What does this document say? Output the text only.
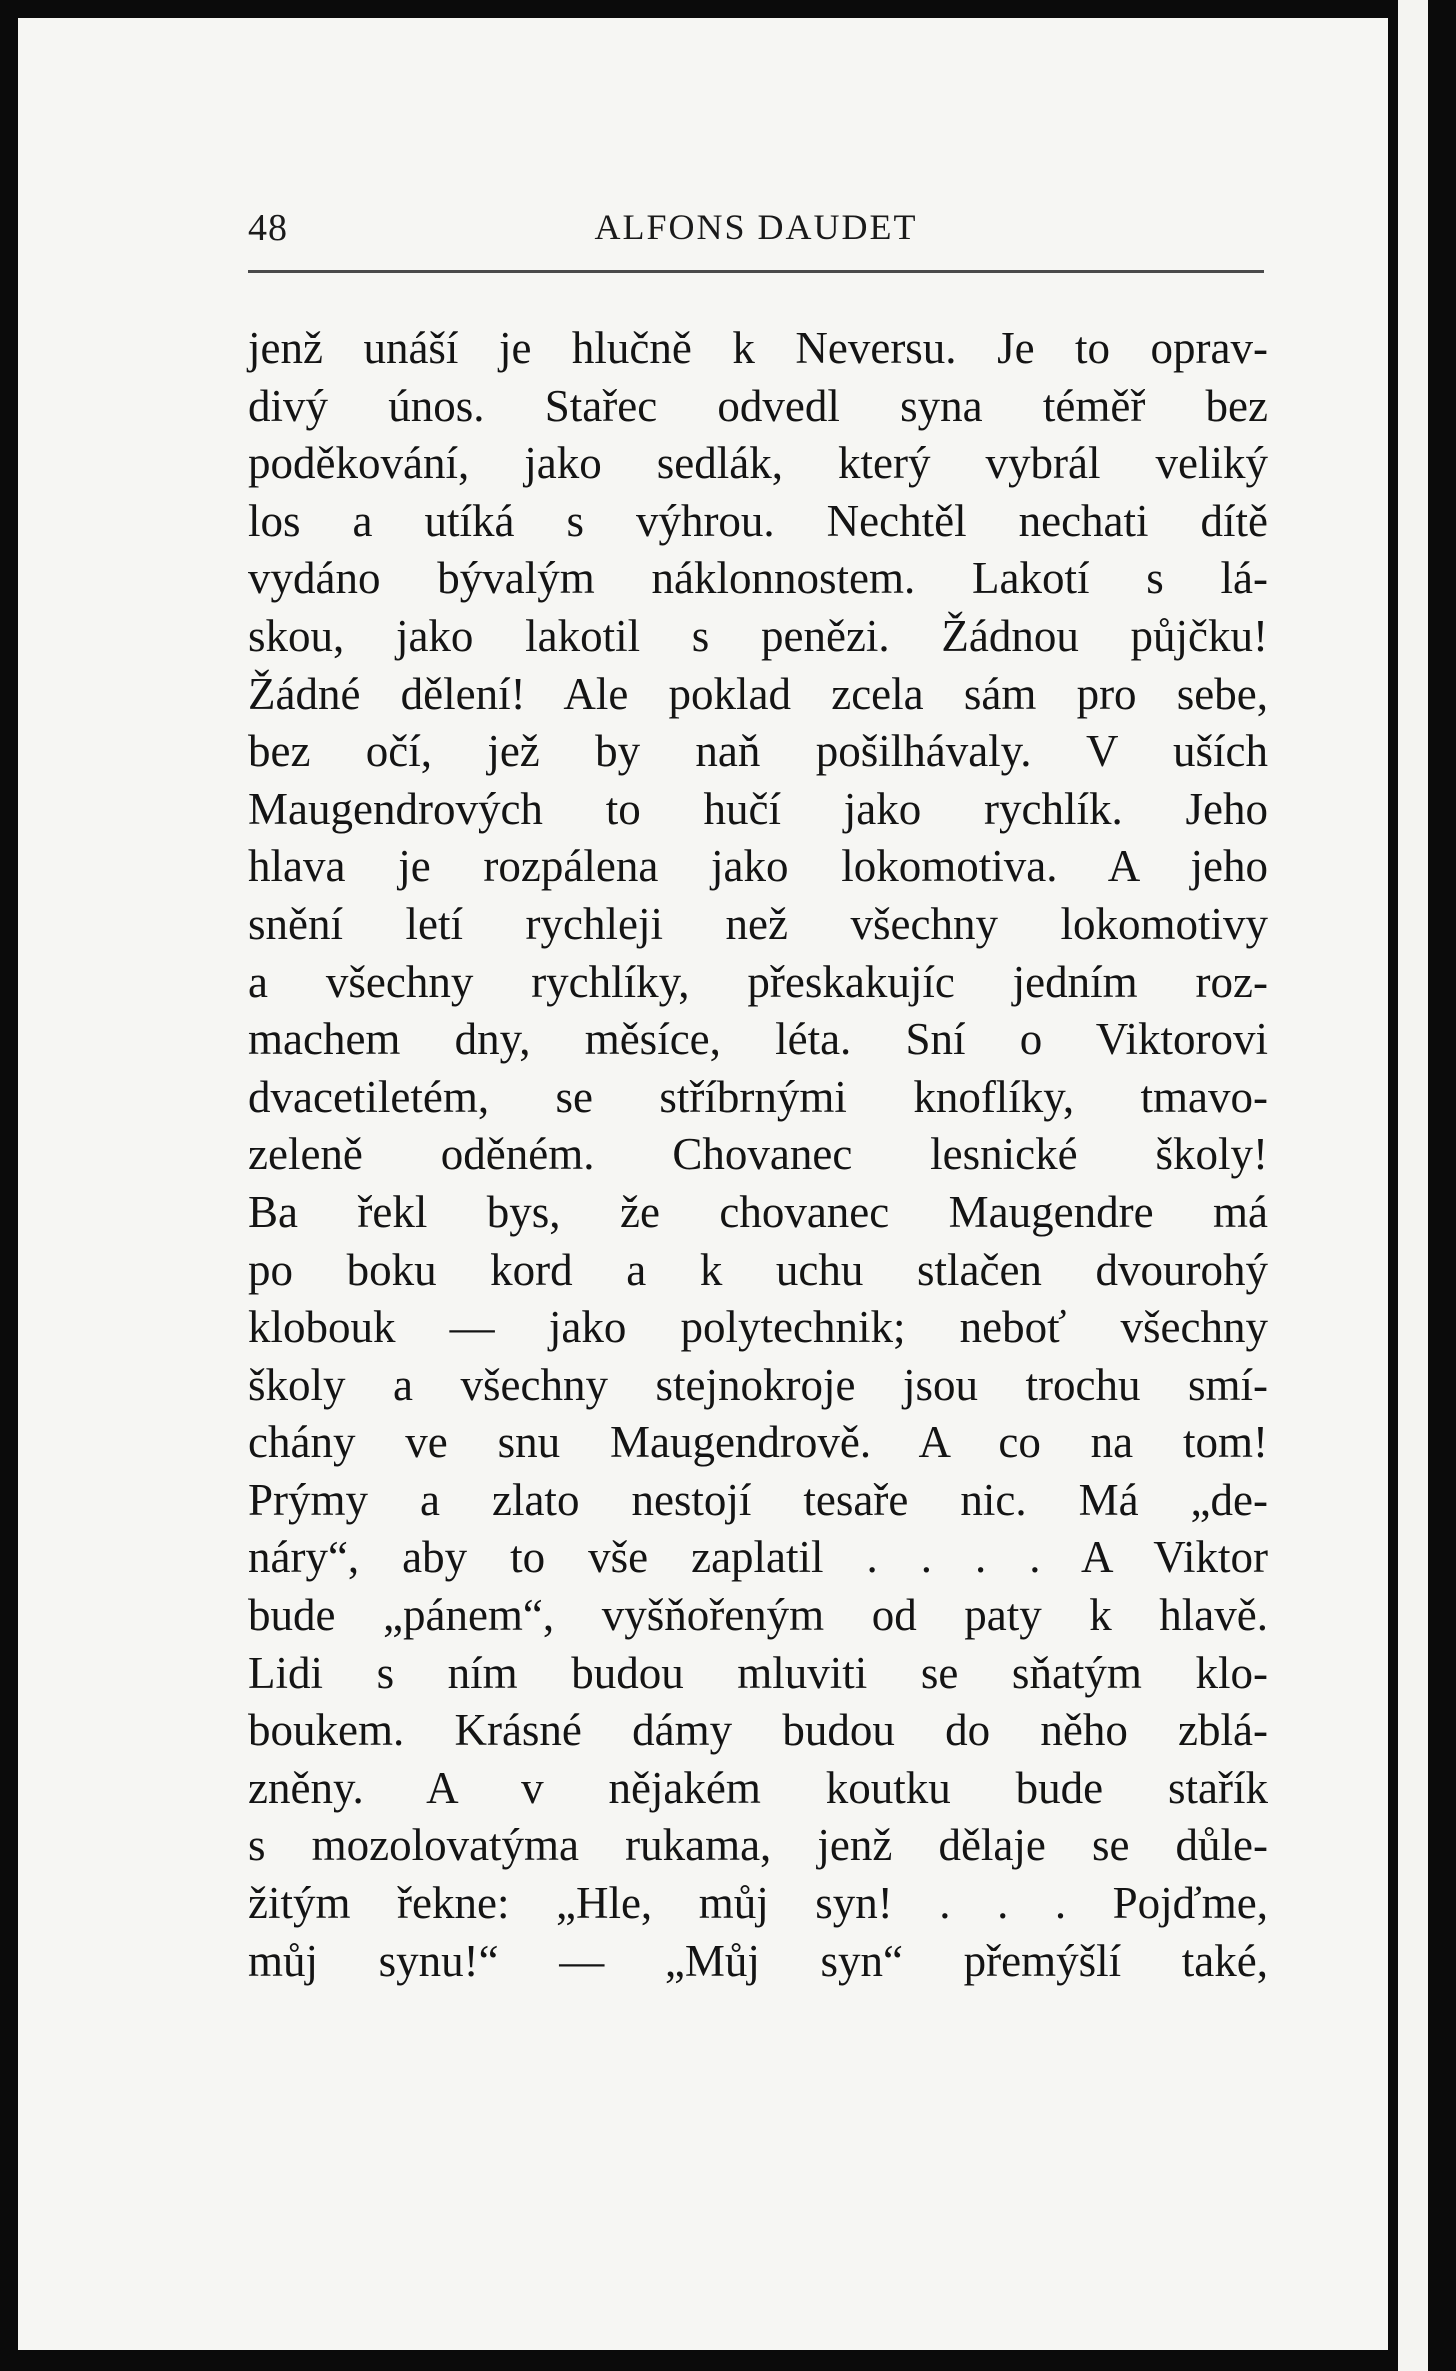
48	ALFONS DAUDET
jenž unáší je hlučně k Neversu. Je to oprav-
divý únos. Stařec odvedl syna téměř bez
poděkování, jako sedlák, který vybrál veliký
los a utíká s výhrou. Nechtěl nechati dítě
vydáno bývalým náklonnostem. Lakotí s lá-
skou, jako lakotil s penězi. Žádnou půjčku!
Žádné dělení! Ale poklad zcela sám pro sebe,
bez očí, jež by naň pošilhávaly. V uších
Maugendrových to hučí jako rychlík. Jeho
hlava je rozpálena jako lokomotiva. A jeho
snění letí rychleji než všechny lokomotivy
a všechny rychlíky, přeskakujíc jedním roz-
machem dny, měsíce, léta. Sní o Viktorovi
dvacetiletém, se stříbrnými knoflíky, tmavo-
zeleně oděném. Chovanec lesnické školy!
Ba řekl bys, že chovanec Maugendre má
po boku kord a k uchu stlačen dvourohý
klobouk — jako polytechnik; neboť všechny
školy a všechny stejnokroje jsou trochu smí-
chány ve snu Maugendrově. A co na tom!
Prýmy a zlato nestojí tesaře nic. Má „de-
náry“, aby to vše zaplatil . . . . A Viktor
bude „pánem“, vyšňořeným od paty k hlavě.
Lidi s ním budou mluviti se sňatým klo-
boukem. Krásné dámy budou do něho zblá-
zněny. A v nějakém koutku bude stařík
s mozolovatýma rukama, jenž dělaje se důle-
žitým řekne: „Hle, můj syn! . . . Pojďme,
můj synu!“ — „Můj syn“ přemýšlí také,
